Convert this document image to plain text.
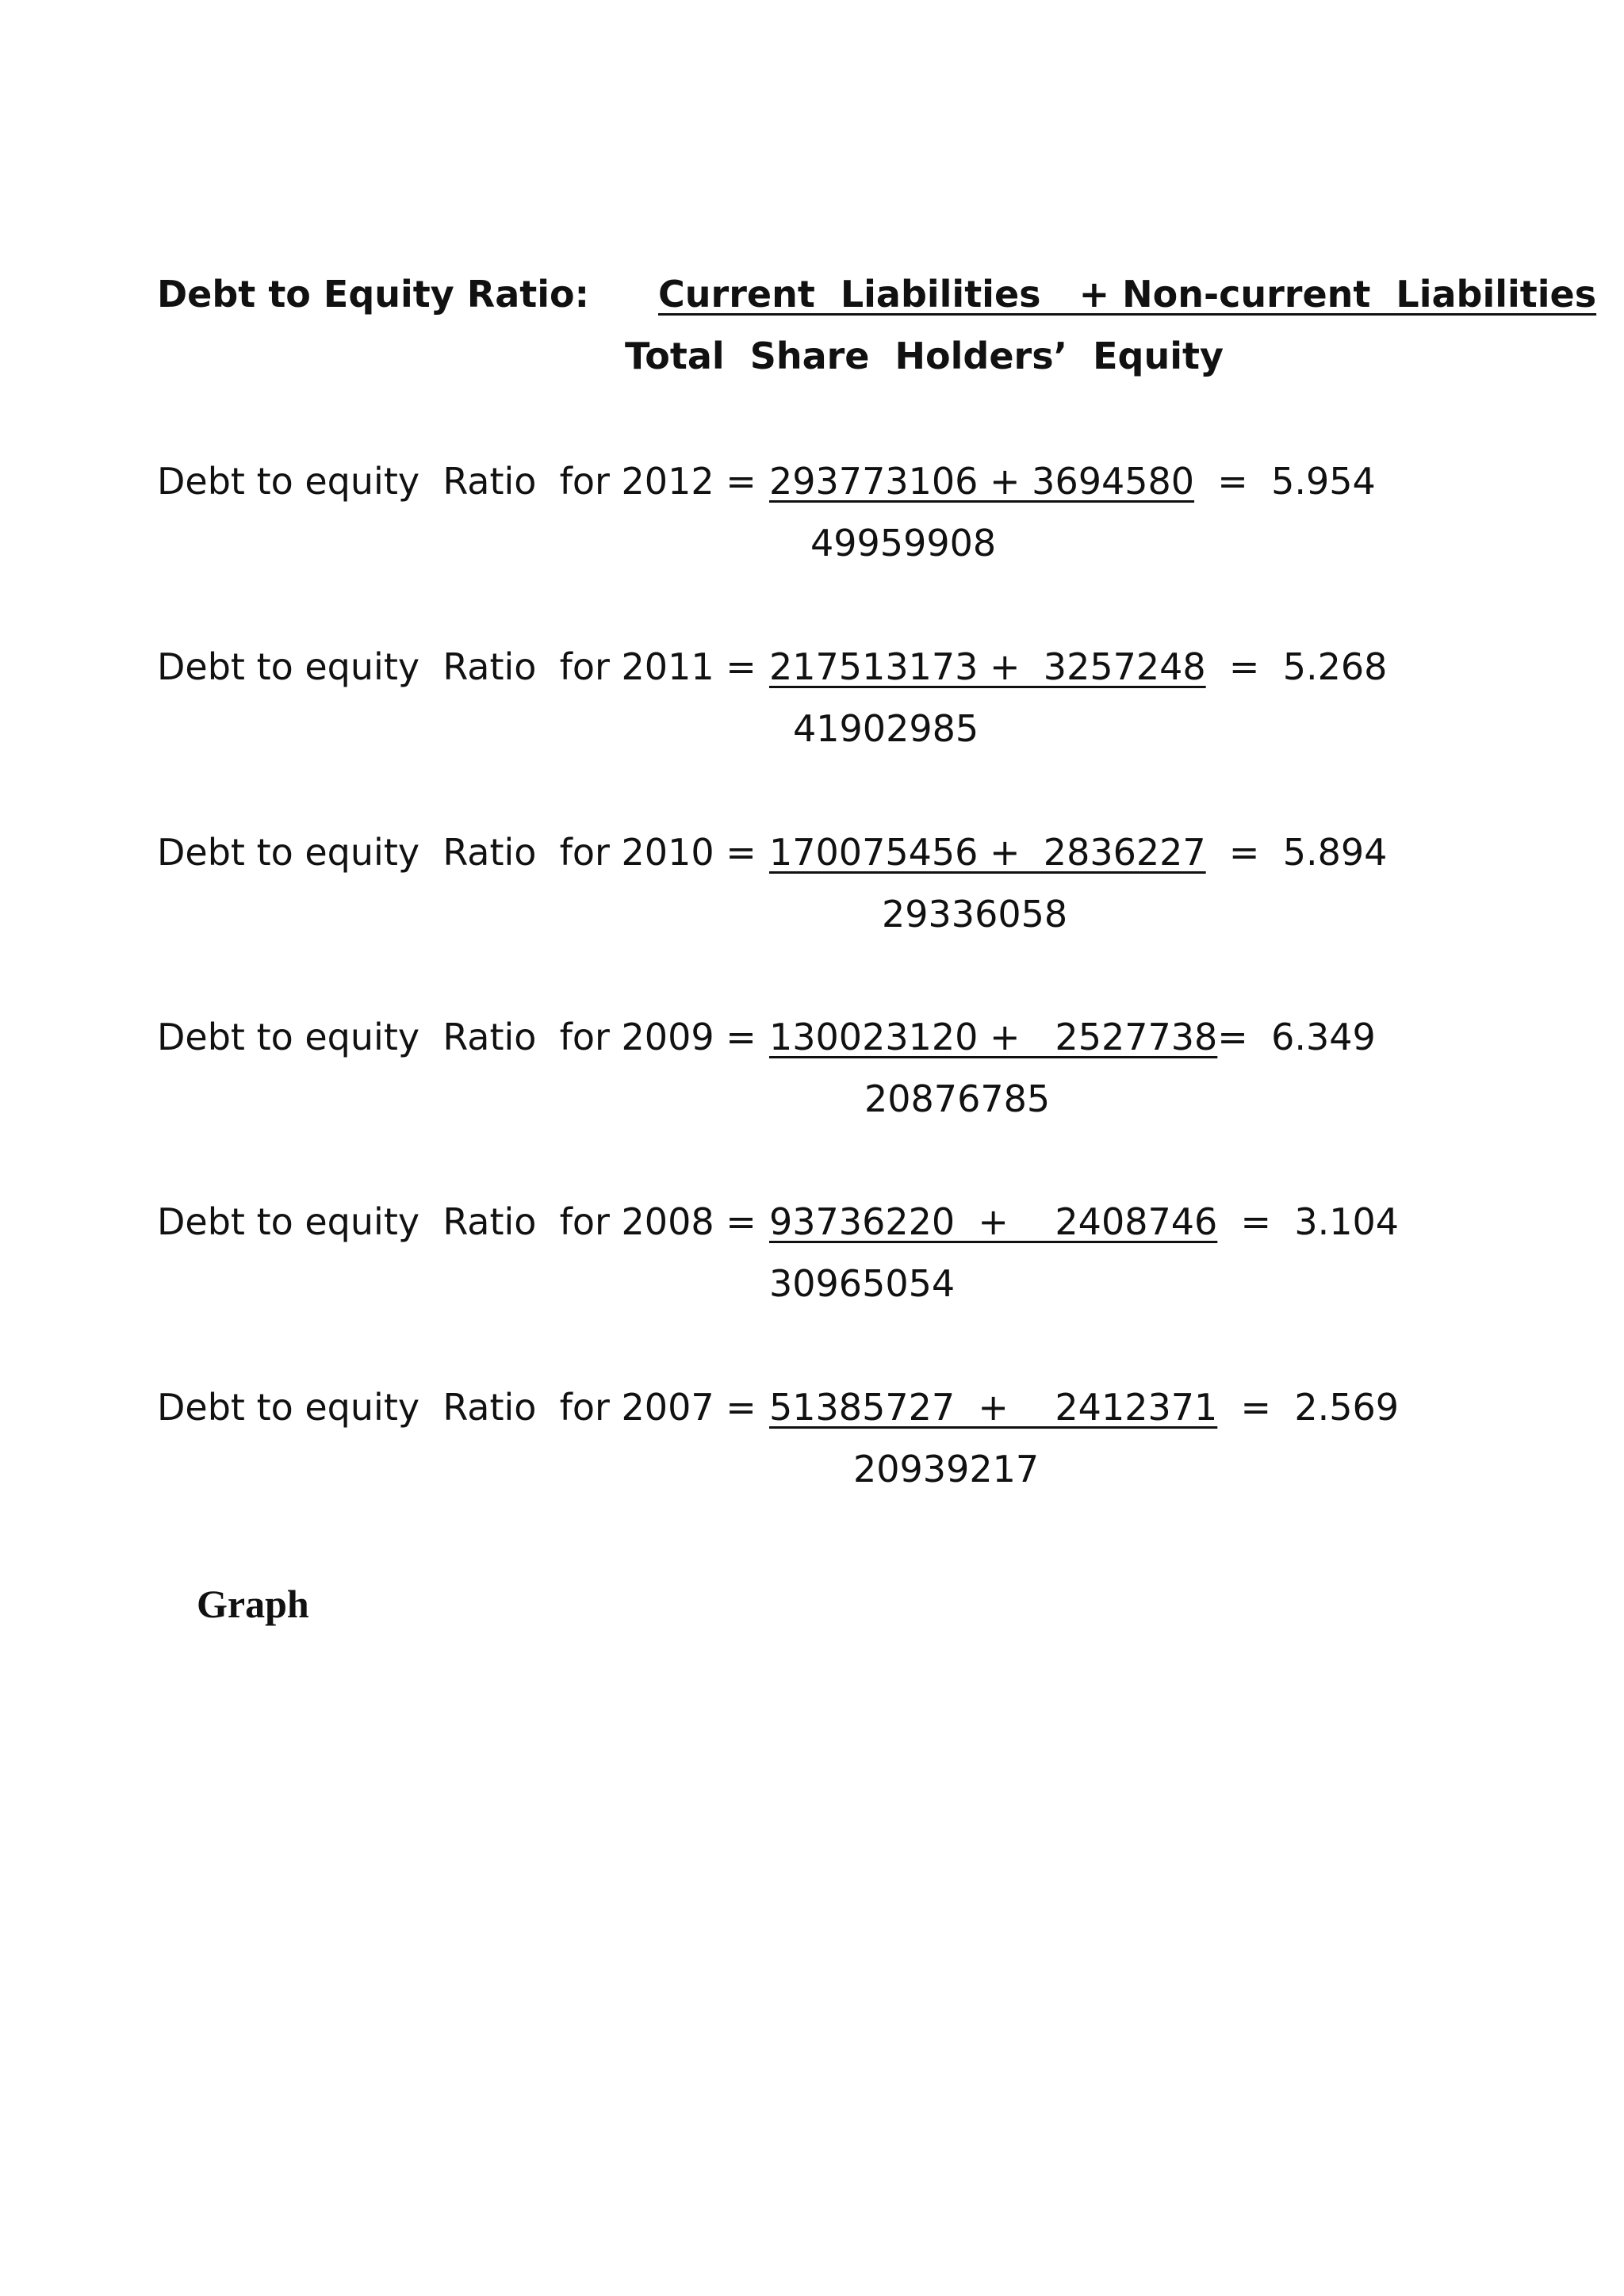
Debt to Equity Ratio: Current  Liabilities   + Non-current  Liabilities
Total  Share  Holders’  Equity
Debt to equity  Ratio  for 2012 = 293773106 + 3694580  =  5.954
49959908
Debt to equity  Ratio  for 2011 = 217513173 +  3257248  =  5.268
41902985
Debt to equity  Ratio  for 2010 = 170075456 +  2836227  =  5.894
29336058
Debt to equity  Ratio  for 2009 = 130023120 +   2527738=  6.349
20876785
Debt to equity  Ratio  for 2008 = 93736220  +    2408746  =  3.104
30965054
Debt to equity  Ratio  for 2007 = 51385727  +    2412371  =  2.569
20939217
Graph
